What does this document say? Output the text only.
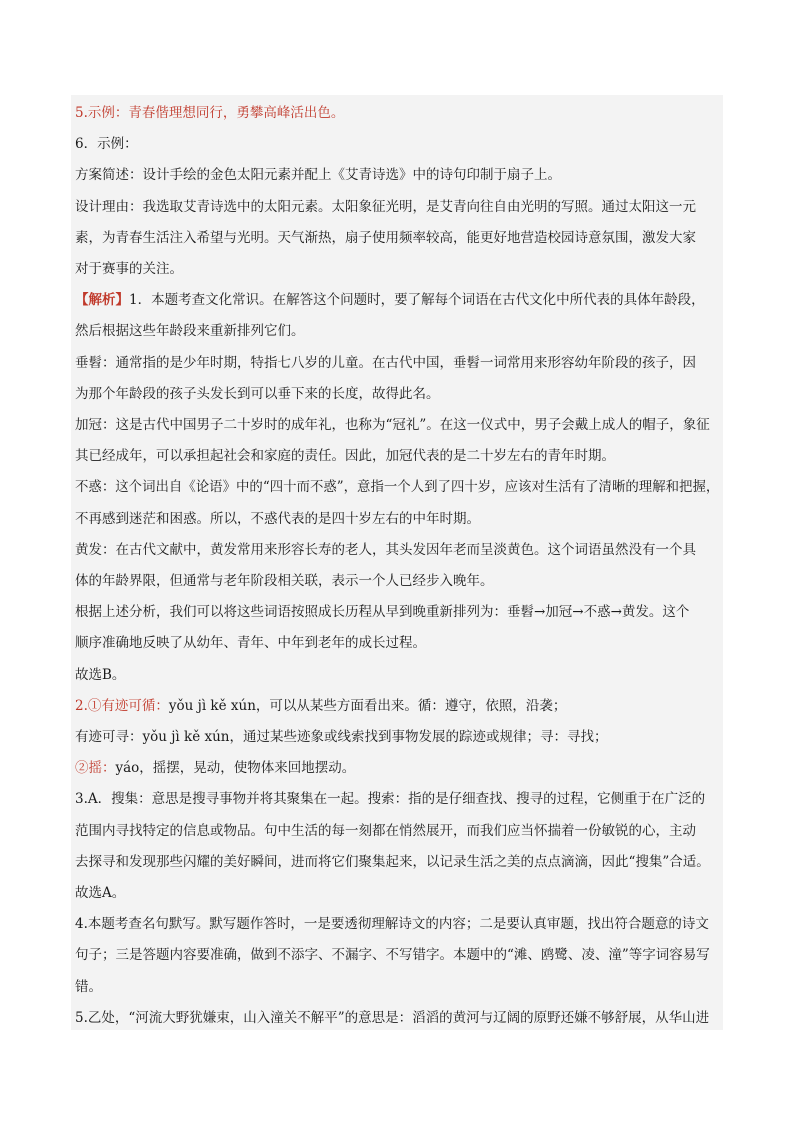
5.示例：青春偕理想同行，勇攀高峰活出色。
6．示例：
方案简述：设计手绘的金色太阳元素并配上《艾青诗选》中的诗句印制于扇子上。
设计理由：我选取艾青诗选中的太阳元素。太阳象征光明，是艾青向往自由光明的写照。通过太阳这一元
素，为青春生活注入希望与光明。天气渐热，扇子使用频率较高，能更好地营造校园诗意氛围，激发大家
对于赛事的关注。
【解析】1．本题考查文化常识。在解答这个问题时，要了解每个词语在古代文化中所代表的具体年龄段，
然后根据这些年龄段来重新排列它们。
垂髫：通常指的是少年时期，特指七八岁的儿童。在古代中国，垂髫一词常用来形容幼年阶段的孩子，因
为那个年龄段的孩子头发长到可以垂下来的长度，故得此名。
加冠：这是古代中国男子二十岁时的成年礼，也称为“冠礼”。在这一仪式中，男子会戴上成人的帽子，象征
其已经成年，可以承担起社会和家庭的责任。因此，加冠代表的是二十岁左右的青年时期。
不惑：这个词出自《论语》中的“四十而不惑”，意指一个人到了四十岁，应该对生活有了清晰的理解和把握，
不再感到迷茫和困惑。所以，不惑代表的是四十岁左右的中年时期。
黄发：在古代文献中，黄发常用来形容长寿的老人，其头发因年老而呈淡黄色。这个词语虽然没有一个具
体的年龄界限，但通常与老年阶段相关联，表示一个人已经步入晚年。
根据上述分析，我们可以将这些词语按照成长历程从早到晚重新排列为：垂髫→加冠→不惑→黄发。这个
顺序准确地反映了从幼年、青年、中年到老年的成长过程。
故选B。
2.①有迹可循：yǒu jì kě xún，可以从某些方面看出来。循：遵守，依照，沿袭；
有迹可寻：yǒu jì kě xún，通过某些迹象或线索找到事物发展的踪迹或规律；寻：寻找；
②摇：yáo，摇摆，晃动，使物体来回地摆动。
3.A．搜集：意思是搜寻事物并将其聚集在一起。搜索：指的是仔细查找、搜寻的过程，它侧重于在广泛的
范围内寻找特定的信息或物品。句中生活的每一刻都在悄然展开，而我们应当怀揣着一份敏锐的心，主动
去探寻和发现那些闪耀的美好瞬间，进而将它们聚集起来，以记录生活之美的点点滴滴，因此“搜集”合适。
故选A。
4.本题考查名句默写。默写题作答时，一是要透彻理解诗文的内容；二是要认真审题，找出符合题意的诗文
句子；三是答题内容要准确，做到不添字、不漏字、不写错字。本题中的“滩、鸥鹭、凌、潼”等字词容易写
错。
5.乙处，“河流大野犹嫌束，山入潼关不解平”的意思是：滔滔的黄河与辽阔的原野还嫌不够舒展，从华山进
